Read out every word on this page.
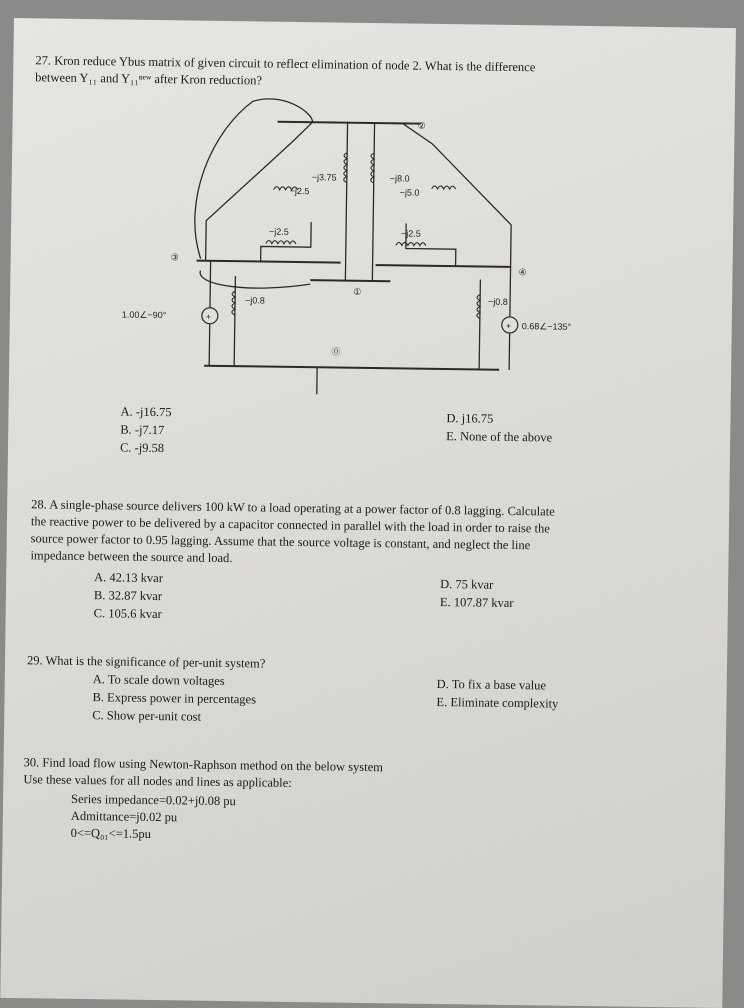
27. Kron reduce Ybus matrix of given circuit to reflect elimination of node 2. What is the difference
between Y₁₁ and Y₁₁ⁿᵉʷ after Kron reduction?
+
+
②
③
④
①
⓪
−j3.75
−j2.5
−j8.0
−j5.0
−j2.5	−j2.5
−j0.8	−j0.8
1.00∠−90°
0.68∠−135°
A. -j16.75
B. -j7.17
C. -j9.58
D. j16.75
E. None of the above
28. A single-phase source delivers 100 kW to a load operating at a power factor of 0.8 lagging. Calculate
the reactive power to be delivered by a capacitor connected in parallel with the load in order to raise the
source power factor to 0.95 lagging. Assume that the source voltage is constant, and neglect the line
impedance between the source and load.
A. 42.13 kvar
B. 32.87 kvar
C. 105.6 kvar
D. 75 kvar
E. 107.87 kvar
29. What is the significance of per-unit system?
A. To scale down voltages
B. Express power in percentages
C. Show per-unit cost
D. To fix a base value
E. Eliminate complexity
30. Find load flow using Newton-Raphson method on the below system
Use these values for all nodes and lines as applicable:
Series impedance=0.02+j0.08 pu
Admittance=j0.02 pu
0<=Q₀₁<=1.5pu
